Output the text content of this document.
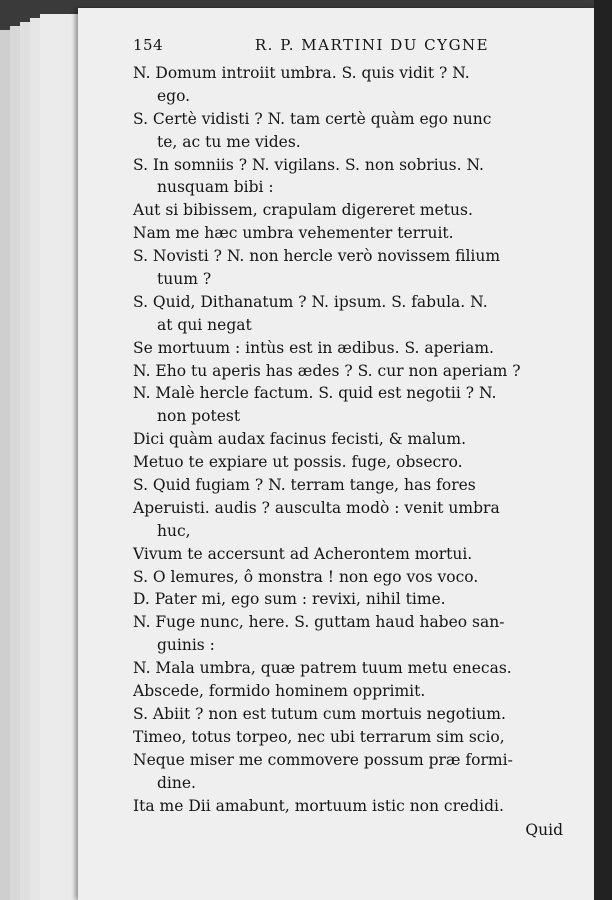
154	R. P. MARTINI DU CYGNE
N. Domum introiit umbra. S. quis vidit ? N.
ego.
S. Certè vidisti ? N. tam certè quàm ego nunc
te, ac tu me vides.
S. In somniis ? N. vigilans. S. non sobrius. N.
nusquam bibi :
Aut si bibissem, crapulam digereret metus.
Nam me hæc umbra vehementer terruit.
S. Novisti ? N. non hercle verò novissem filium
tuum ?
S. Quid, Dithanatum ? N. ipsum. S. fabula. N.
at qui negat
Se mortuum : intùs est in ædibus. S. aperiam.
N. Eho tu aperis has ædes ? S. cur non aperiam ?
N. Malè hercle factum. S. quid est negotii ? N.
non potest
Dici quàm audax facinus fecisti, & malum.
Metuo te expiare ut possis. fuge, obsecro.
S. Quid fugiam ? N. terram tange, has fores
Aperuisti. audis ? ausculta modò : venit umbra
huc,
Vivum te accersunt ad Acherontem mortui.
S. O lemures, ô monstra ! non ego vos voco.
D. Pater mi, ego sum : revixi, nihil time.
N. Fuge nunc, here. S. guttam haud habeo san-
guinis :
N. Mala umbra, quæ patrem tuum metu enecas.
Abscede, formido hominem opprimit.
S. Abiit ? non est tutum cum mortuis negotium.
Timeo, totus torpeo, nec ubi terrarum sim scio,
Neque miser me commovere possum præ formi-
dine.
Ita me Dii amabunt, mortuum istic non credidi.
Quid
